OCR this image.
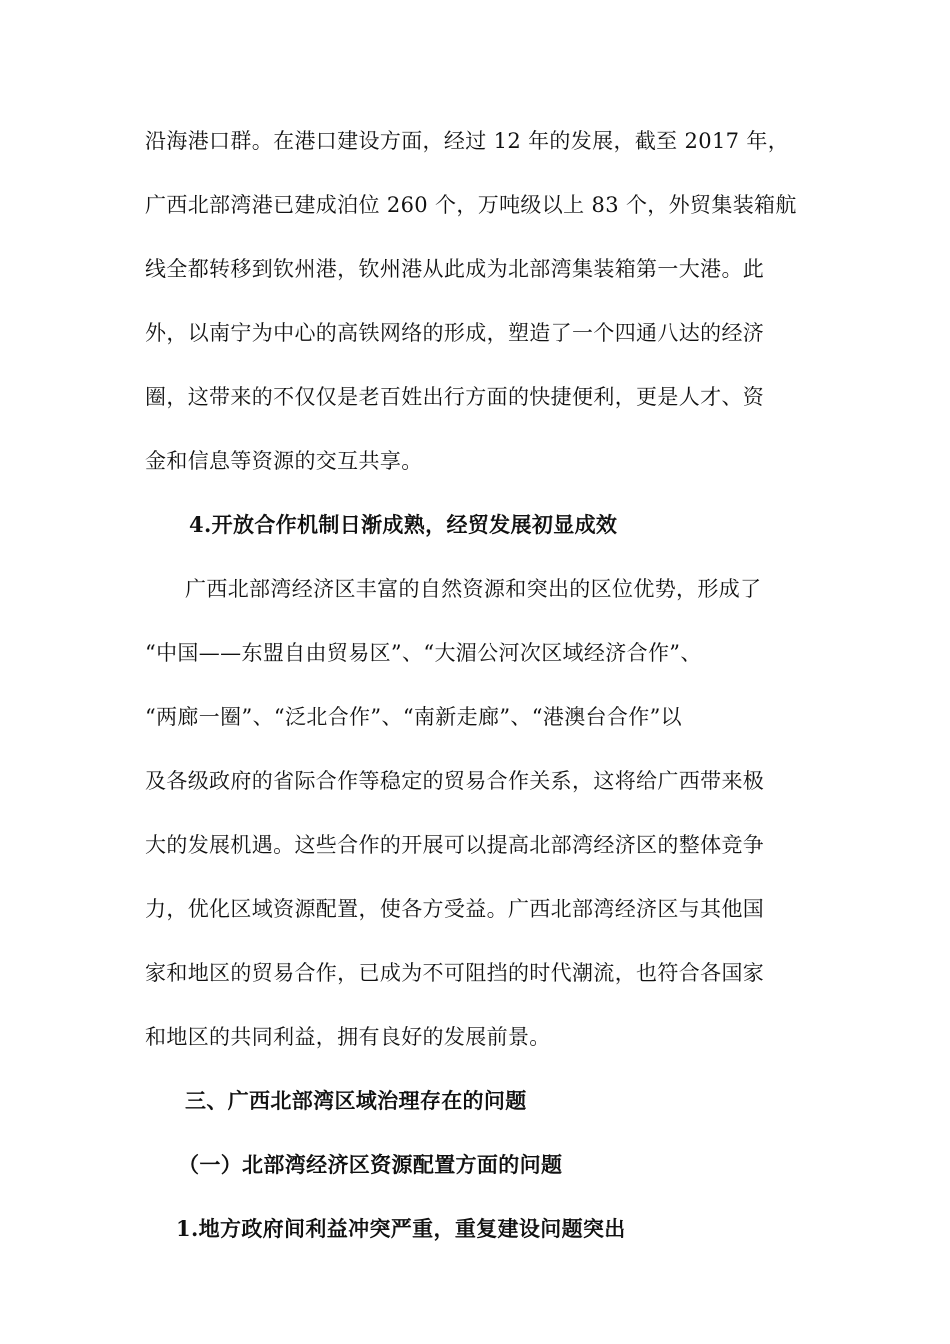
沿海港口群。在港口建设方面，经过 12 年的发展，截至 2017 年，
广西北部湾港已建成泊位 260 个，万吨级以上 83 个，外贸集装箱航
线全都转移到钦州港，钦州港从此成为北部湾集装箱第一大港。此
外，以南宁为中心的高铁网络的形成，塑造了一个四通八达的经济
圈，这带来的不仅仅是老百姓出行方面的快捷便利，更是人才、资
金和信息等资源的交互共享。
4.开放合作机制日渐成熟，经贸发展初显成效
广西北部湾经济区丰富的自然资源和突出的区位优势，形成了
“中国——东盟自由贸易区”、“大湄公河次区域经济合作”、
“两廊一圈”、“泛北合作”、“南新走廊”、“港澳台合作”以
及各级政府的省际合作等稳定的贸易合作关系，这将给广西带来极
大的发展机遇。这些合作的开展可以提高北部湾经济区的整体竞争
力，优化区域资源配置，使各方受益。广西北部湾经济区与其他国
家和地区的贸易合作，已成为不可阻挡的时代潮流，也符合各国家
和地区的共同利益，拥有良好的发展前景。
三、广西北部湾区域治理存在的问题
（一）北部湾经济区资源配置方面的问题
1.地方政府间利益冲突严重，重复建设问题突出
